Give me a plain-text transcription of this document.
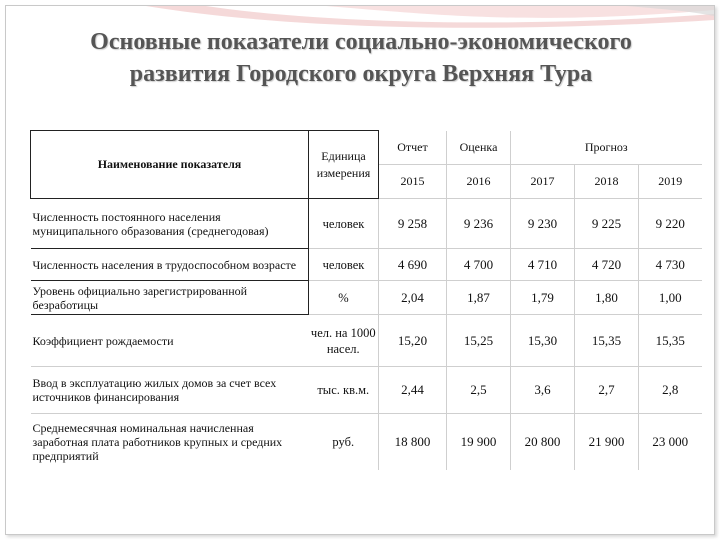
Основные показатели социально-экономического
развития Городского округа Верхняя Тура
Наименование показателя	Единица измерения	Отчет	Оценка	Прогноз		
		2015	2016	2017	2018	2019
Численность постоянного населения муниципального образования (среднегодовая)	человек	9 258	9 236	9 230	9 225	9 220
Численность населения в трудоспособном возрасте	человек	4 690	4 700	4 710	4 720	4 730
Уровень официально зарегистрированной безработицы	%	2,04	1,87	1,79	1,80	1,00
Коэффициент рождаемости	чел. на 1000 насел.	15,20	15,25	15,30	15,35	15,35
Ввод в эксплуатацию жилых домов за счет всех источников финансирования	тыс. кв.м.	2,44	2,5	3,6	2,7	2,8
Среднемесячная номинальная начисленная заработная плата работников крупных и средних предприятий	руб.	18 800	19 900	20 800	21 900	23 000
